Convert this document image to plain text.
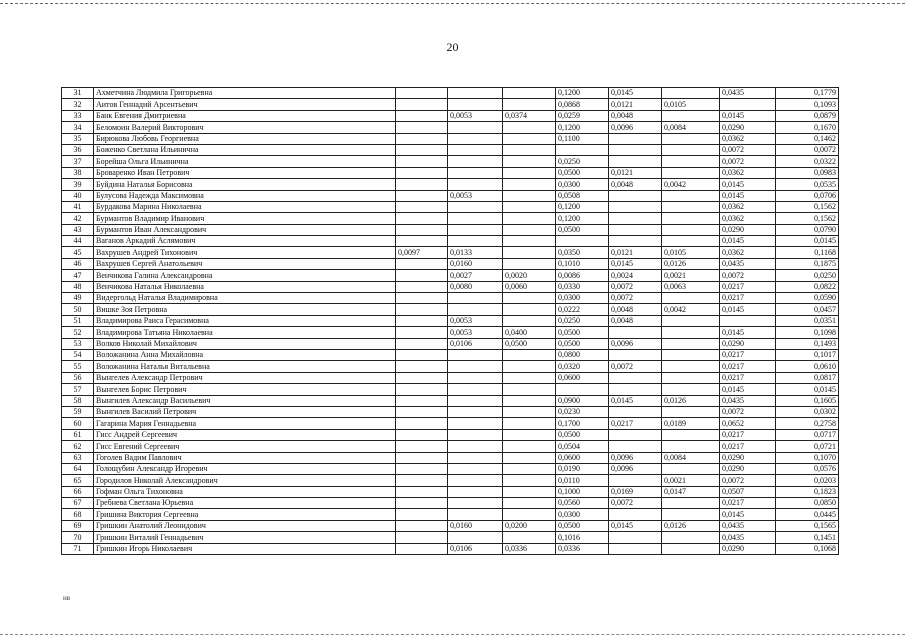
20
31	Ахметчина Людмила Григорьевна				0,1200	0,0145		0,0435	0,1779
32	Аитов Геннадий Арсентьевич				0,0868	0,0121	0,0105		0,1093
33	Банк Евгения Дмитриевна		0,0053	0,0374	0,0259	0,0048		0,0145	0,0879
34	Беломоин Валерий Викторович				0,1200	0,0096	0,0084	0,0290	0,1670
35	Бирюкова Любовь Георгиевна				0,1100			0,0362	0,1462
36	Боженко Светлана Ильинична							0,0072	0,0072
37	Борейша Ольга Ильинична				0,0250			0,0072	0,0322
38	Броваренко Иван Петрович				0,0500	0,0121		0,0362	0,0983
39	Буйдина Наталья Борисовна				0,0300	0,0048	0,0042	0,0145	0,0535
40	Булусова Надежда Максимовна		0,0053		0,0508			0,0145	0,0706
41	Бурдакова Марина Николаевна				0,1200			0,0362	0,1562
42	Бурмантов Владимир Иванович				0,1200			0,0362	0,1562
43	Бурмантов Иван Александрович				0,0500			0,0290	0,0790
44	Ваганов Аркадий Аслямович							0,0145	0,0145
45	Вахрушев Андрей Тихонович	0,0097	0,0133		0,0350	0,0121	0,0105	0,0362	0,1168
46	Вахрушев Сергей Анатольевич		0,0160		0,1010	0,0145	0,0126	0,0435	0,1875
47	Венчикова Галина Александровна		0,0027	0,0020	0,0086	0,0024	0,0021	0,0072	0,0250
48	Венчикова Наталья Николаевна		0,0080	0,0060	0,0330	0,0072	0,0063	0,0217	0,0822
49	Видергольд Наталья Владимировна				0,0300	0,0072		0,0217	0,0590
50	Вишке Зоя Петровна				0,0222	0,0048	0,0042	0,0145	0,0457
51	Владимирова Раиса Герасимовна		0,0053		0,0250	0,0048			0,0351
52	Владимирова Татьяна Николаевна		0,0053	0,0400	0,0500			0,0145	0,1098
53	Волков Николай Михайлович		0,0106	0,0500	0,0500	0,0096		0,0290	0,1493
54	Воложанина Анна Михайловна				0,0800			0,0217	0,1017
55	Воложанина Наталья Витальевна				0,0320	0,0072		0,0217	0,0610
56	Вынгелев Александр Петрович				0,0600			0,0217	0,0817
57	Вынгелев Борис Петрович							0,0145	0,0145
58	Вынгилев Александр Васильевич				0,0900	0,0145	0,0126	0,0435	0,1605
59	Вынгилев Василий Петрович				0,0230			0,0072	0,0302
60	Гагарина Мария Геннадьевна				0,1700	0,0217	0,0189	0,0652	0,2758
61	Гисс Андрей Сергеевич				0,0500			0,0217	0,0717
62	Гисс Евгений Сергеевич				0,0504			0,0217	0,0721
63	Гоголев Вадим Павлович				0,0600	0,0096	0,0084	0,0290	0,1070
64	Голощубин Александр Игоревич				0,0190	0,0096		0,0290	0,0576
65	Городилов Николай Александрович				0,0110		0,0021	0,0072	0,0203
66	Гофман Ольга Тихоновна				0,1000	0,0169	0,0147	0,0507	0,1823
67	Гребнева Светлана Юрьевна				0,0560	0,0072		0,0217	0,0850
68	Гришина Виктория Сергеевна				0,0300			0,0145	0,0445
69	Гришкин Анатолий Леонидович		0,0160	0,0200	0,0500	0,0145	0,0126	0,0435	0,1565
70	Гришкин Виталий Геннадьевич				0,1016			0,0435	0,1451
71	Гришкин Игорь Николаевич		0,0106	0,0336	0,0336			0,0290	0,1068
нв
